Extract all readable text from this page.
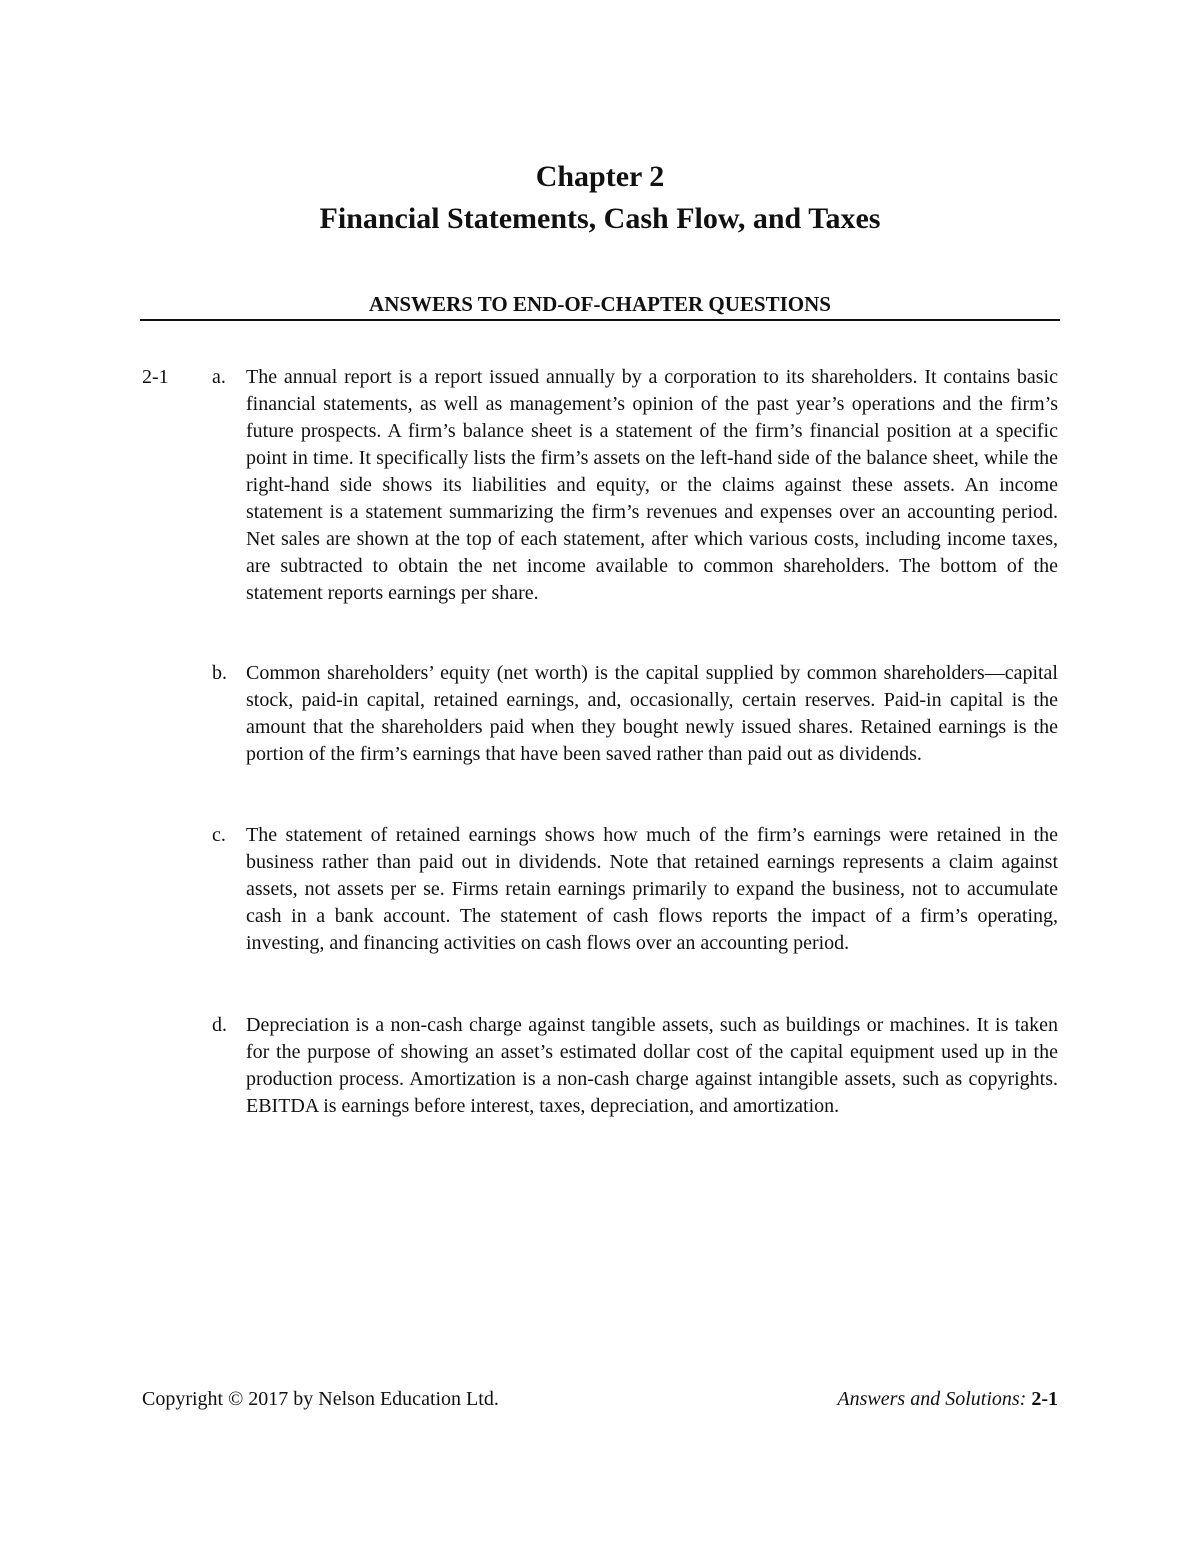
Chapter 2
Financial Statements, Cash Flow, and Taxes
ANSWERS TO END-OF-CHAPTER QUESTIONS
2-1 a. The annual report is a report issued annually by a corporation to its shareholders. It contains basic financial statements, as well as management’s opinion of the past year’s operations and the firm’s future prospects. A firm’s balance sheet is a statement of the firm’s financial position at a specific point in time. It specifically lists the firm’s assets on the left-hand side of the balance sheet, while the right-hand side shows its liabilities and equity, or the claims against these assets. An income statement is a statement summarizing the firm’s revenues and expenses over an accounting period. Net sales are shown at the top of each statement, after which various costs, including income taxes, are subtracted to obtain the net income available to common shareholders. The bottom of the statement reports earnings per share.

b. Common shareholders’ equity (net worth) is the capital supplied by common shareholders—capital stock, paid-in capital, retained earnings, and, occasionally, certain reserves. Paid-in capital is the amount that the shareholders paid when they bought newly issued shares. Retained earnings is the portion of the firm’s earnings that have been saved rather than paid out as dividends.

c. The statement of retained earnings shows how much of the firm’s earnings were retained in the business rather than paid out in dividends. Note that retained earnings represents a claim against assets, not assets per se. Firms retain earnings primarily to expand the business, not to accumulate cash in a bank account. The statement of cash flows reports the impact of a firm’s operating, investing, and financing activities on cash flows over an accounting period.

d. Depreciation is a non-cash charge against tangible assets, such as buildings or machines. It is taken for the purpose of showing an asset’s estimated dollar cost of the capital equipment used up in the production process. Amortization is a non-cash charge against intangible assets, such as copyrights. EBITDA is earnings before interest, taxes, depreciation, and amortization.

Copyright © 2017 by Nelson Education Ltd.	Answers and Solutions: 2-1
